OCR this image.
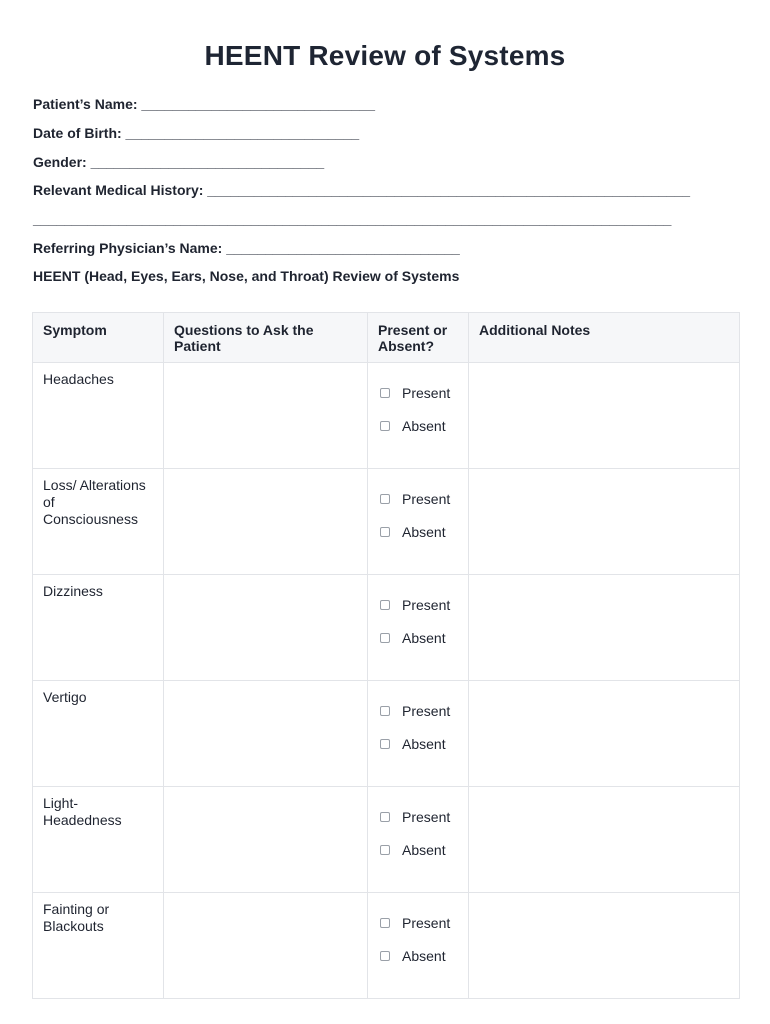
HEENT Review of Systems
Patient’s Name: ______________________________
Date of Birth: ______________________________
Gender: ______________________________
Relevant Medical History: ______________________________________________________________
__________________________________________________________________________________
Referring Physician’s Name: ______________________________
HEENT (Head, Eyes, Ears, Nose, and Throat) Review of Systems
Symptom	Questions to Ask the Patient	Present or Absent?	Additional Notes
Headaches		Present
Absent	

Loss/ Alterations of Consciousness		Present
Absent	

Dizziness		Present
Absent	

Vertigo		Present
Absent	

Light-Headedness		Present
Absent	

Fainting or Blackouts		Present
Absent	
